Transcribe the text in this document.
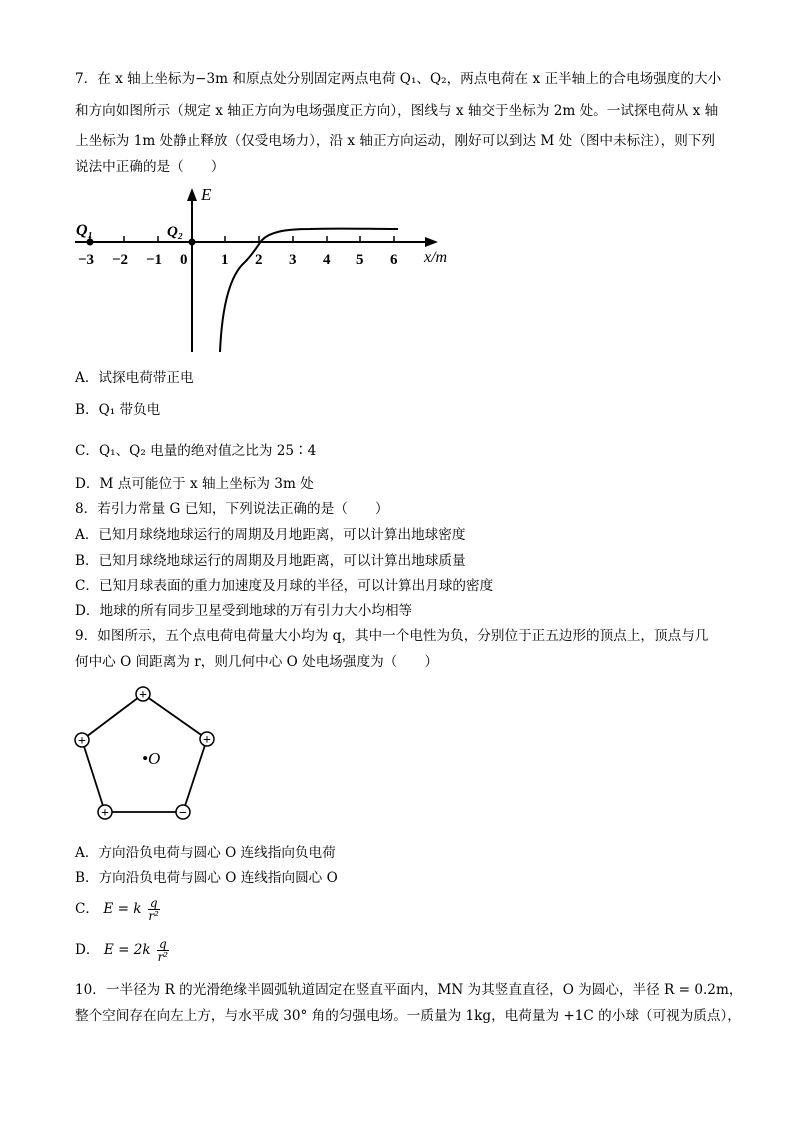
7．在 x 轴上坐标为−3m 和原点处分别固定两点电荷 Q₁、Q₂，两点电荷在 x 正半轴上的合电场强度的大小
和方向如图所示（规定 x 轴正方向为电场强度正方向），图线与 x 轴交于坐标为 2m 处。一试探电荷从 x 轴
上坐标为 1m 处静止释放（仅受电场力），沿 x 轴正方向运动，刚好可以到达 M 处（图中未标注），则下列
说法中正确的是（　　）
E
x/m
Q₁	Q₂
−3 −2 −1 0 1 2 3 4 5 6
A．试探电荷带正电
B．Q₁ 带负电
C．Q₁、Q₂ 电量的绝对值之比为 25∶4
D．M 点可能位于 x 轴上坐标为 3m 处
8．若引力常量 G 已知，下列说法正确的是（　　）
A．已知月球绕地球运行的周期及月地距离，可以计算出地球密度
B．已知月球绕地球运行的周期及月地距离，可以计算出地球质量
C．已知月球表面的重力加速度及月球的半径，可以计算出月球的密度
D．地球的所有同步卫星受到地球的万有引力大小均相等
9．如图所示，五个点电荷电荷量大小均为 q，其中一个电性为负，分别位于正五边形的顶点上，顶点与几
何中心 O 间距离为 r，则几何中心 O 处电场强度为（　　）
+
+
−
+
+
•O
A．方向沿负电荷与圆心 O 连线指向负电荷
B．方向沿负电荷与圆心 O 连线指向圆心 O
C． E = k $\frac{q}{\text{r²}}$
D． $E = 2k \frac{q}{\text{r²}}$
10．一半径为 R 的光滑绝缘半圆弧轨道固定在竖直平面内，MN 为其竖直直径，O 为圆心，半径 R = 0.2m，
整个空间存在向左上方，与水平成 30° 角的匀强电场。一质量为 1kg，电荷量为 +1C 的小球（可视为质点），
